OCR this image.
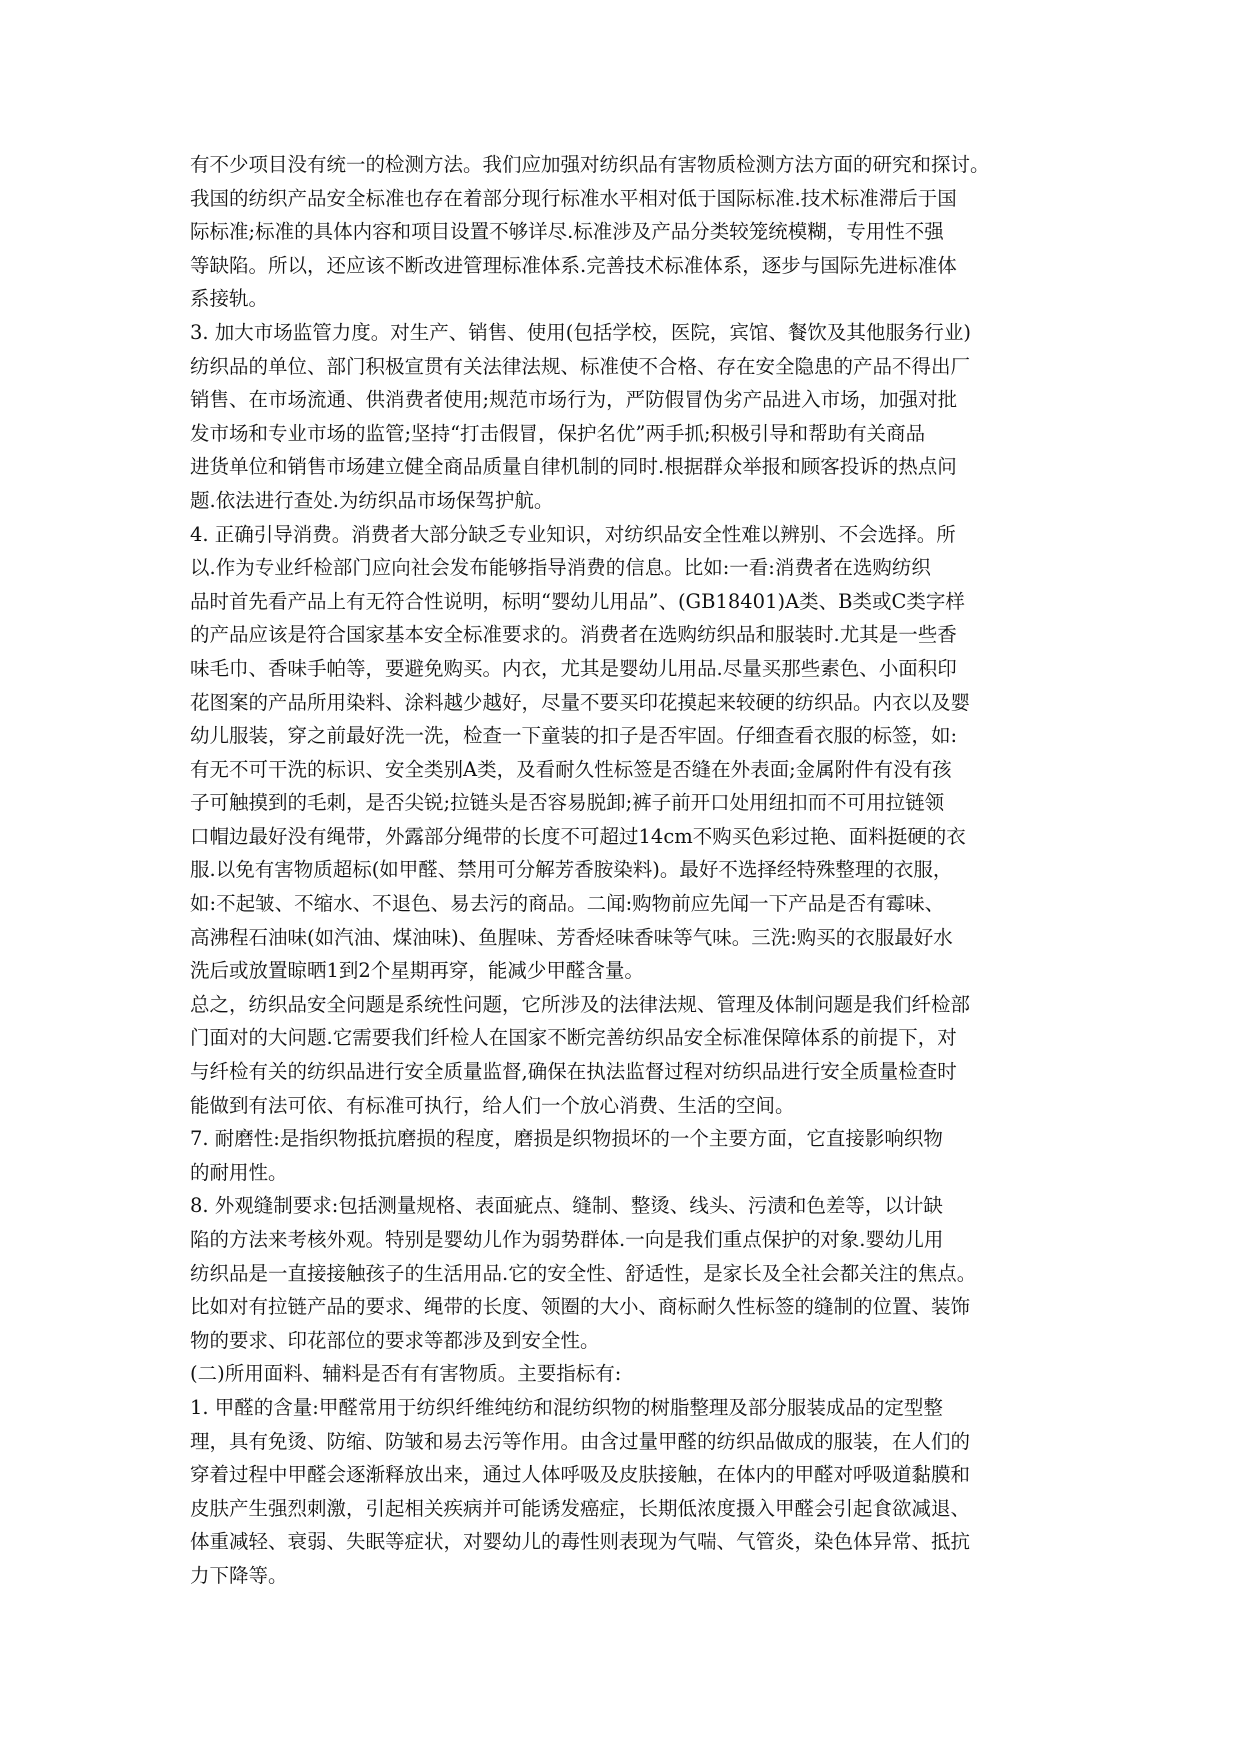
有不少项目没有统一的检测方法。我们应加强对纺织品有害物质检测方法方面的研究和探讨。
我国的纺织产品安全标准也存在着部分现行标准水平相对低于国际标准.技术标准滞后于国
际标准;标准的具体内容和项目设置不够详尽.标准涉及产品分类较笼统模糊，专用性不强
等缺陷。所以，还应该不断改进管理标准体系.完善技术标准体系，逐步与国际先进标准体
系接轨。
3. 加大市场监管力度。对生产、销售、使用(包括学校，医院，宾馆、餐饮及其他服务行业)
纺织品的单位、部门积极宣贯有关法律法规、标准使不合格、存在安全隐患的产品不得出厂
销售、在市场流通、供消费者使用;规范市场行为，严防假冒伪劣产品进入市场，加强对批
发市场和专业市场的监管;坚持“打击假冒，保护名优”两手抓;积极引导和帮助有关商品
进货单位和销售市场建立健全商品质量自律机制的同时.根据群众举报和顾客投诉的热点问
题.依法进行查处.为纺织品市场保驾护航。
4. 正确引导消费。消费者大部分缺乏专业知识，对纺织品安全性难以辨别、不会选择。所
以.作为专业纤检部门应向社会发布能够指导消费的信息。比如:一看:消费者在选购纺织
品时首先看产品上有无符合性说明，标明“婴幼儿用品”、(GB18401)A类、B类或C类字样
的产品应该是符合国家基本安全标准要求的。消费者在选购纺织品和服装时.尤其是一些香
味毛巾、香味手帕等，要避免购买。内衣，尤其是婴幼儿用品.尽量买那些素色、小面积印
花图案的产品所用染料、涂料越少越好，尽量不要买印花摸起来较硬的纺织品。内衣以及婴
幼儿服装，穿之前最好洗一洗，检查一下童装的扣子是否牢固。仔细查看衣服的标签，如:
有无不可干洗的标识、安全类别A类，及看耐久性标签是否缝在外表面;金属附件有没有孩
子可触摸到的毛刺，是否尖锐;拉链头是否容易脱卸;裤子前开口处用纽扣而不可用拉链领
口帽边最好没有绳带，外露部分绳带的长度不可超过14cm不购买色彩过艳、面料挺硬的衣
服.以免有害物质超标(如甲醛、禁用可分解芳香胺染料)。最好不选择经特殊整理的衣服，
如:不起皱、不缩水、不退色、易去污的商品。二闻:购物前应先闻一下产品是否有霉味、
高沸程石油味(如汽油、煤油味)、鱼腥味、芳香烃味香味等气味。三洗:购买的衣服最好水
洗后或放置晾晒1到2个星期再穿，能减少甲醛含量。
总之，纺织品安全问题是系统性问题，它所涉及的法律法规、管理及体制问题是我们纤检部
门面对的大问题.它需要我们纤检人在国家不断完善纺织品安全标准保障体系的前提下，对
与纤检有关的纺织品进行安全质量监督,确保在执法监督过程对纺织品进行安全质量检查时
能做到有法可依、有标准可执行，给人们一个放心消费、生活的空间。
7. 耐磨性:是指织物抵抗磨损的程度，磨损是织物损坏的一个主要方面，它直接影响织物
的耐用性。
8. 外观缝制要求:包括测量规格、表面疵点、缝制、整烫、线头、污渍和色差等，以计缺
陷的方法来考核外观。特别是婴幼儿作为弱势群体.一向是我们重点保护的对象.婴幼儿用
纺织品是一直接接触孩子的生活用品.它的安全性、舒适性，是家长及全社会都关注的焦点。
比如对有拉链产品的要求、绳带的长度、领圈的大小、商标耐久性标签的缝制的位置、装饰
物的要求、印花部位的要求等都涉及到安全性。
(二)所用面料、辅料是否有有害物质。主要指标有:
1. 甲醛的含量:甲醛常用于纺织纤维纯纺和混纺织物的树脂整理及部分服装成品的定型整
理，具有免烫、防缩、防皱和易去污等作用。由含过量甲醛的纺织品做成的服装，在人们的
穿着过程中甲醛会逐渐释放出来，通过人体呼吸及皮肤接触，在体内的甲醛对呼吸道黏膜和
皮肤产生强烈刺激，引起相关疾病并可能诱发癌症，长期低浓度摄入甲醛会引起食欲减退、
体重减轻、衰弱、失眠等症状，对婴幼儿的毒性则表现为气喘、气管炎，染色体异常、抵抗
力下降等。
